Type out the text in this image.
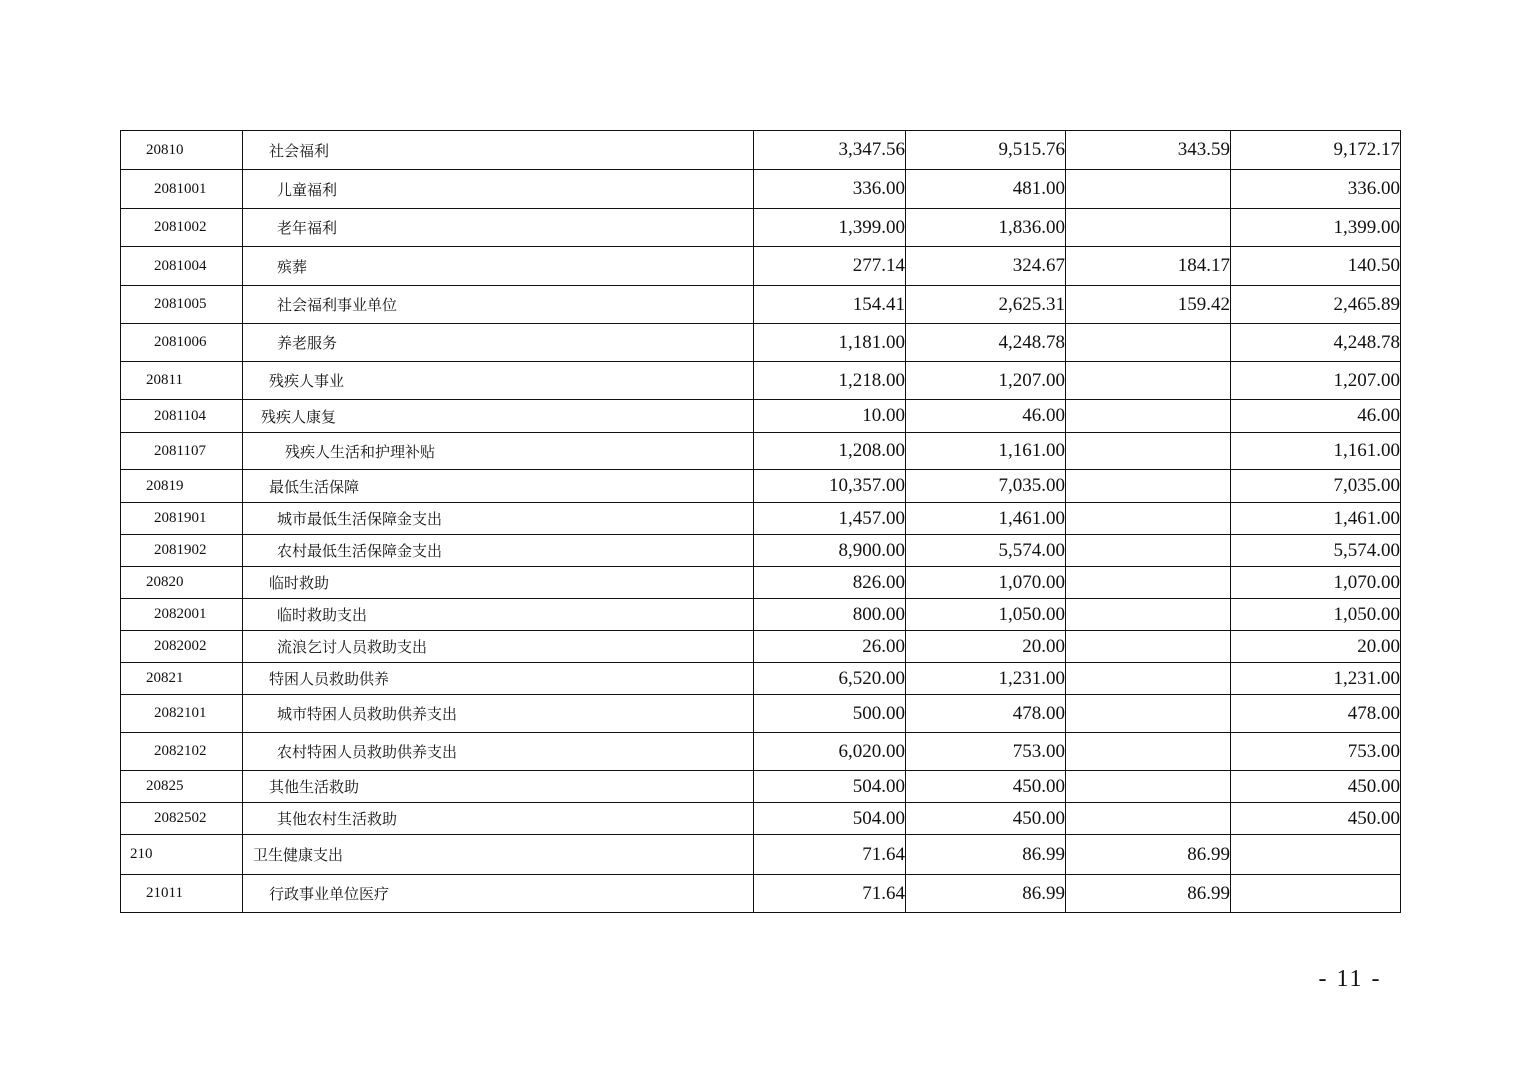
20810	社会福利	3,347.56	9,515.76	343.59	9,172.17
2081001	儿童福利	336.00	481.00		336.00
2081002	老年福利	1,399.00	1,836.00		1,399.00
2081004	殡葬	277.14	324.67	184.17	140.50
2081005	社会福利事业单位	154.41	2,625.31	159.42	2,465.89
2081006	养老服务	1,181.00	4,248.78		4,248.78
20811	残疾人事业	1,218.00	1,207.00		1,207.00
2081104	残疾人康复	10.00	46.00		46.00
2081107	残疾人生活和护理补贴	1,208.00	1,161.00		1,161.00
20819	最低生活保障	10,357.00	7,035.00		7,035.00
2081901	城市最低生活保障金支出	1,457.00	1,461.00		1,461.00
2081902	农村最低生活保障金支出	8,900.00	5,574.00		5,574.00
20820	临时救助	826.00	1,070.00		1,070.00
2082001	临时救助支出	800.00	1,050.00		1,050.00
2082002	流浪乞讨人员救助支出	26.00	20.00		20.00
20821	特困人员救助供养	6,520.00	1,231.00		1,231.00
2082101	城市特困人员救助供养支出	500.00	478.00		478.00
2082102	农村特困人员救助供养支出	6,020.00	753.00		753.00
20825	其他生活救助	504.00	450.00		450.00
2082502	其他农村生活救助	504.00	450.00		450.00
210	卫生健康支出	71.64	86.99	86.99	
21011	行政事业单位医疗	71.64	86.99	86.99	
- 11 -
